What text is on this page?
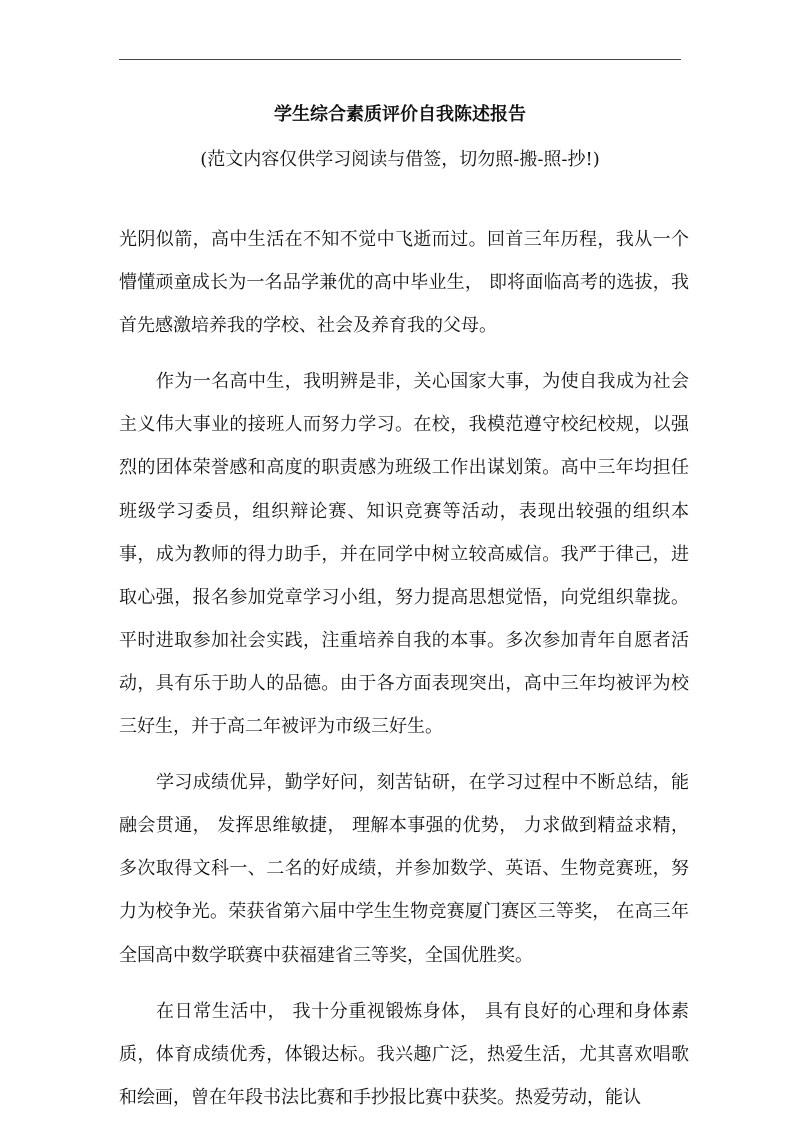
学生综合素质评价自我陈述报告

(范文内容仅供学习阅读与借签，切勿照-搬-照-抄!)

光阴似箭，高中生活在不知不觉中飞逝而过。回首三年历程，我从一个懵懂顽童成长为一名品学兼优的高中毕业生， 即将面临高考的选拔，我首先感激培养我的学校、社会及养育我的父母。

作为一名高中生，我明辨是非，关心国家大事，为使自我成为社会主义伟大事业的接班人而努力学习。在校，我模范遵守校纪校规，以强烈的团体荣誉感和高度的职责感为班级工作出谋划策。高中三年均担任班级学习委员，组织辩论赛、知识竞赛等活动，表现出较强的组织本事，成为教师的得力助手，并在同学中树立较高威信。我严于律己，进取心强，报名参加党章学习小组，努力提高思想觉悟，向党组织靠拢。平时进取参加社会实践，注重培养自我的本事。多次参加青年自愿者活动，具有乐于助人的品德。由于各方面表现突出，高中三年均被评为校三好生，并于高二年被评为市级三好生。

学习成绩优异，勤学好问，刻苦钻研，在学习过程中不断总结，能融会贯通， 发挥思维敏捷， 理解本事强的优势， 力求做到精益求精，多次取得文科一、二名的好成绩，并参加数学、英语、生物竞赛班，努力为校争光。荣获省第六届中学生生物竞赛厦门赛区三等奖， 在高三年全国高中数学联赛中获福建省三等奖，全国优胜奖。

在日常生活中， 我十分重视锻炼身体， 具有良好的心理和身体素质，体育成绩优秀，体锻达标。我兴趣广泛，热爱生活，尤其喜欢唱歌和绘画，曾在年段书法比赛和手抄报比赛中获奖。热爱劳动，能认
